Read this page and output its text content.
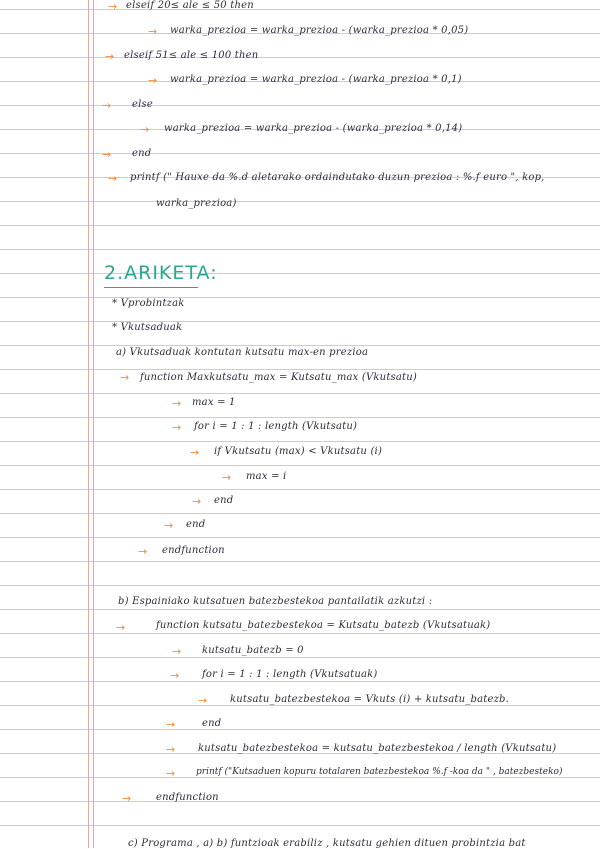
→ elseif 20≤ ale ≤ 50 then
→ warka_prezioa = warka_prezioa - (warka_prezioa * 0,05)
→ elseif 51≤ ale ≤ 100 then
→ warka_prezioa = warka_prezioa - (warka_prezioa * 0,1)
→ else
→ warka_prezioa = warka_prezioa - (warka_prezioa * 0,14)
→ end
→ printf (" Hauxe da %.d aletarako ordaindutako duzun prezioa : %.f euro ", kop,
warka_prezioa)
2.ARIKETA:
* Vprobintzak
* Vkutsaduak
a) Vkutsaduak kontutan kutsatu max-en prezioa
→ function Maxkutsatu_max = Kutsatu_max (Vkutsatu)
→ max = 1
→ for i = 1 : 1 : length (Vkutsatu)
→ if Vkutsatu (max) < Vkutsatu (i)
→ max = i
→ end
→ end
→ endfunction
b) Espainiako kutsatuen batezbestekoa pantailatik azkutzi :
→	function kutsatu_batezbestekoa = Kutsatu_batezb (Vkutsatuak)
→ kutsatu_batezb = 0
→ for i = 1 : 1 : length (Vkutsatuak)
→ kutsatu_batezbestekoa = Vkuts (i) + kutsatu_batezb.
→	end
→ kutsatu_batezbestekoa = kutsatu_batezbestekoa / length (Vkutsatu)
→ printf ("Kutsaduen kopuru totalaren batezbestekoa %.f -koa da " , batezbesteko)
→ endfunction
c) Programa , a) b) funtzioak erabiliz , kutsatu gehien dituen probintzia bat
